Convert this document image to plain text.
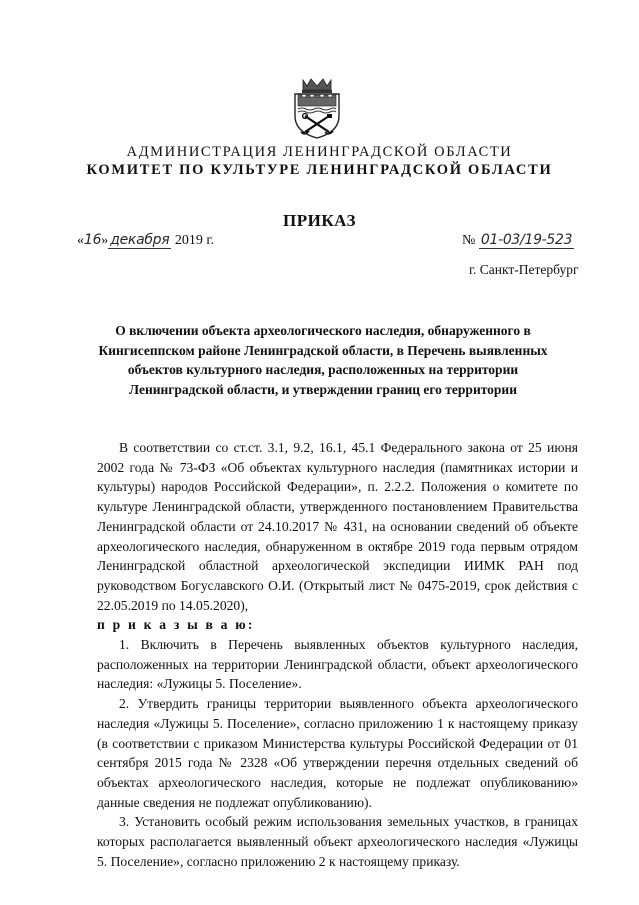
АДМИНИСТРАЦИЯ ЛЕНИНГРАДСКОЙ ОБЛАСТИ
КОМИТЕТ ПО КУЛЬТУРЕ ЛЕНИНГРАДСКОЙ ОБЛАСТИ
ПРИКАЗ
«16» декабря 2019 г.	№ 01-03/19-523
г. Санкт-Петербург
О включении объекта археологического наследия, обнаруженного в Кингисеппском районе Ленинградской области, в Перечень выявленных объектов культурного наследия, расположенных на территории Ленинградской области, и утверждении границ его территории

В соответствии со ст.ст. 3.1, 9.2, 16.1, 45.1 Федерального закона от 25 июня 2002 года № 73-ФЗ «Об объектах культурного наследия (памятниках истории и культуры) народов Российской Федерации», п. 2.2.2. Положения о комитете по культуре Ленинградской области, утвержденного постановлением Правительства Ленинградской области от 24.10.2017 № 431, на основании сведений об объекте археологического наследия, обнаруженном в октябре 2019 года первым отрядом Ленинградской областной археологической экспедиции ИИМК РАН под руководством Богуславского О.И. (Открытый лист № 0475-2019, срок действия с 22.05.2019 по 14.05.2020),

п р и к а з ы в а ю:

1. Включить в Перечень выявленных объектов культурного наследия, расположенных на территории Ленинградской области, объект археологического наследия: «Лужицы 5. Поселение».

2. Утвердить границы территории выявленного объекта археологического наследия «Лужицы 5. Поселение», согласно приложению 1 к настоящему приказу (в соответствии с приказом Министерства культуры Российской Федерации от 01 сентября 2015 года № 2328 «Об утверждении перечня отдельных сведений об объектах археологического наследия, которые не подлежат опубликованию» данные сведения не подлежат опубликованию).

3. Установить особый режим использования земельных участков, в границах которых располагается выявленный объект археологического наследия «Лужицы 5. Поселение», согласно приложению 2 к настоящему приказу.
